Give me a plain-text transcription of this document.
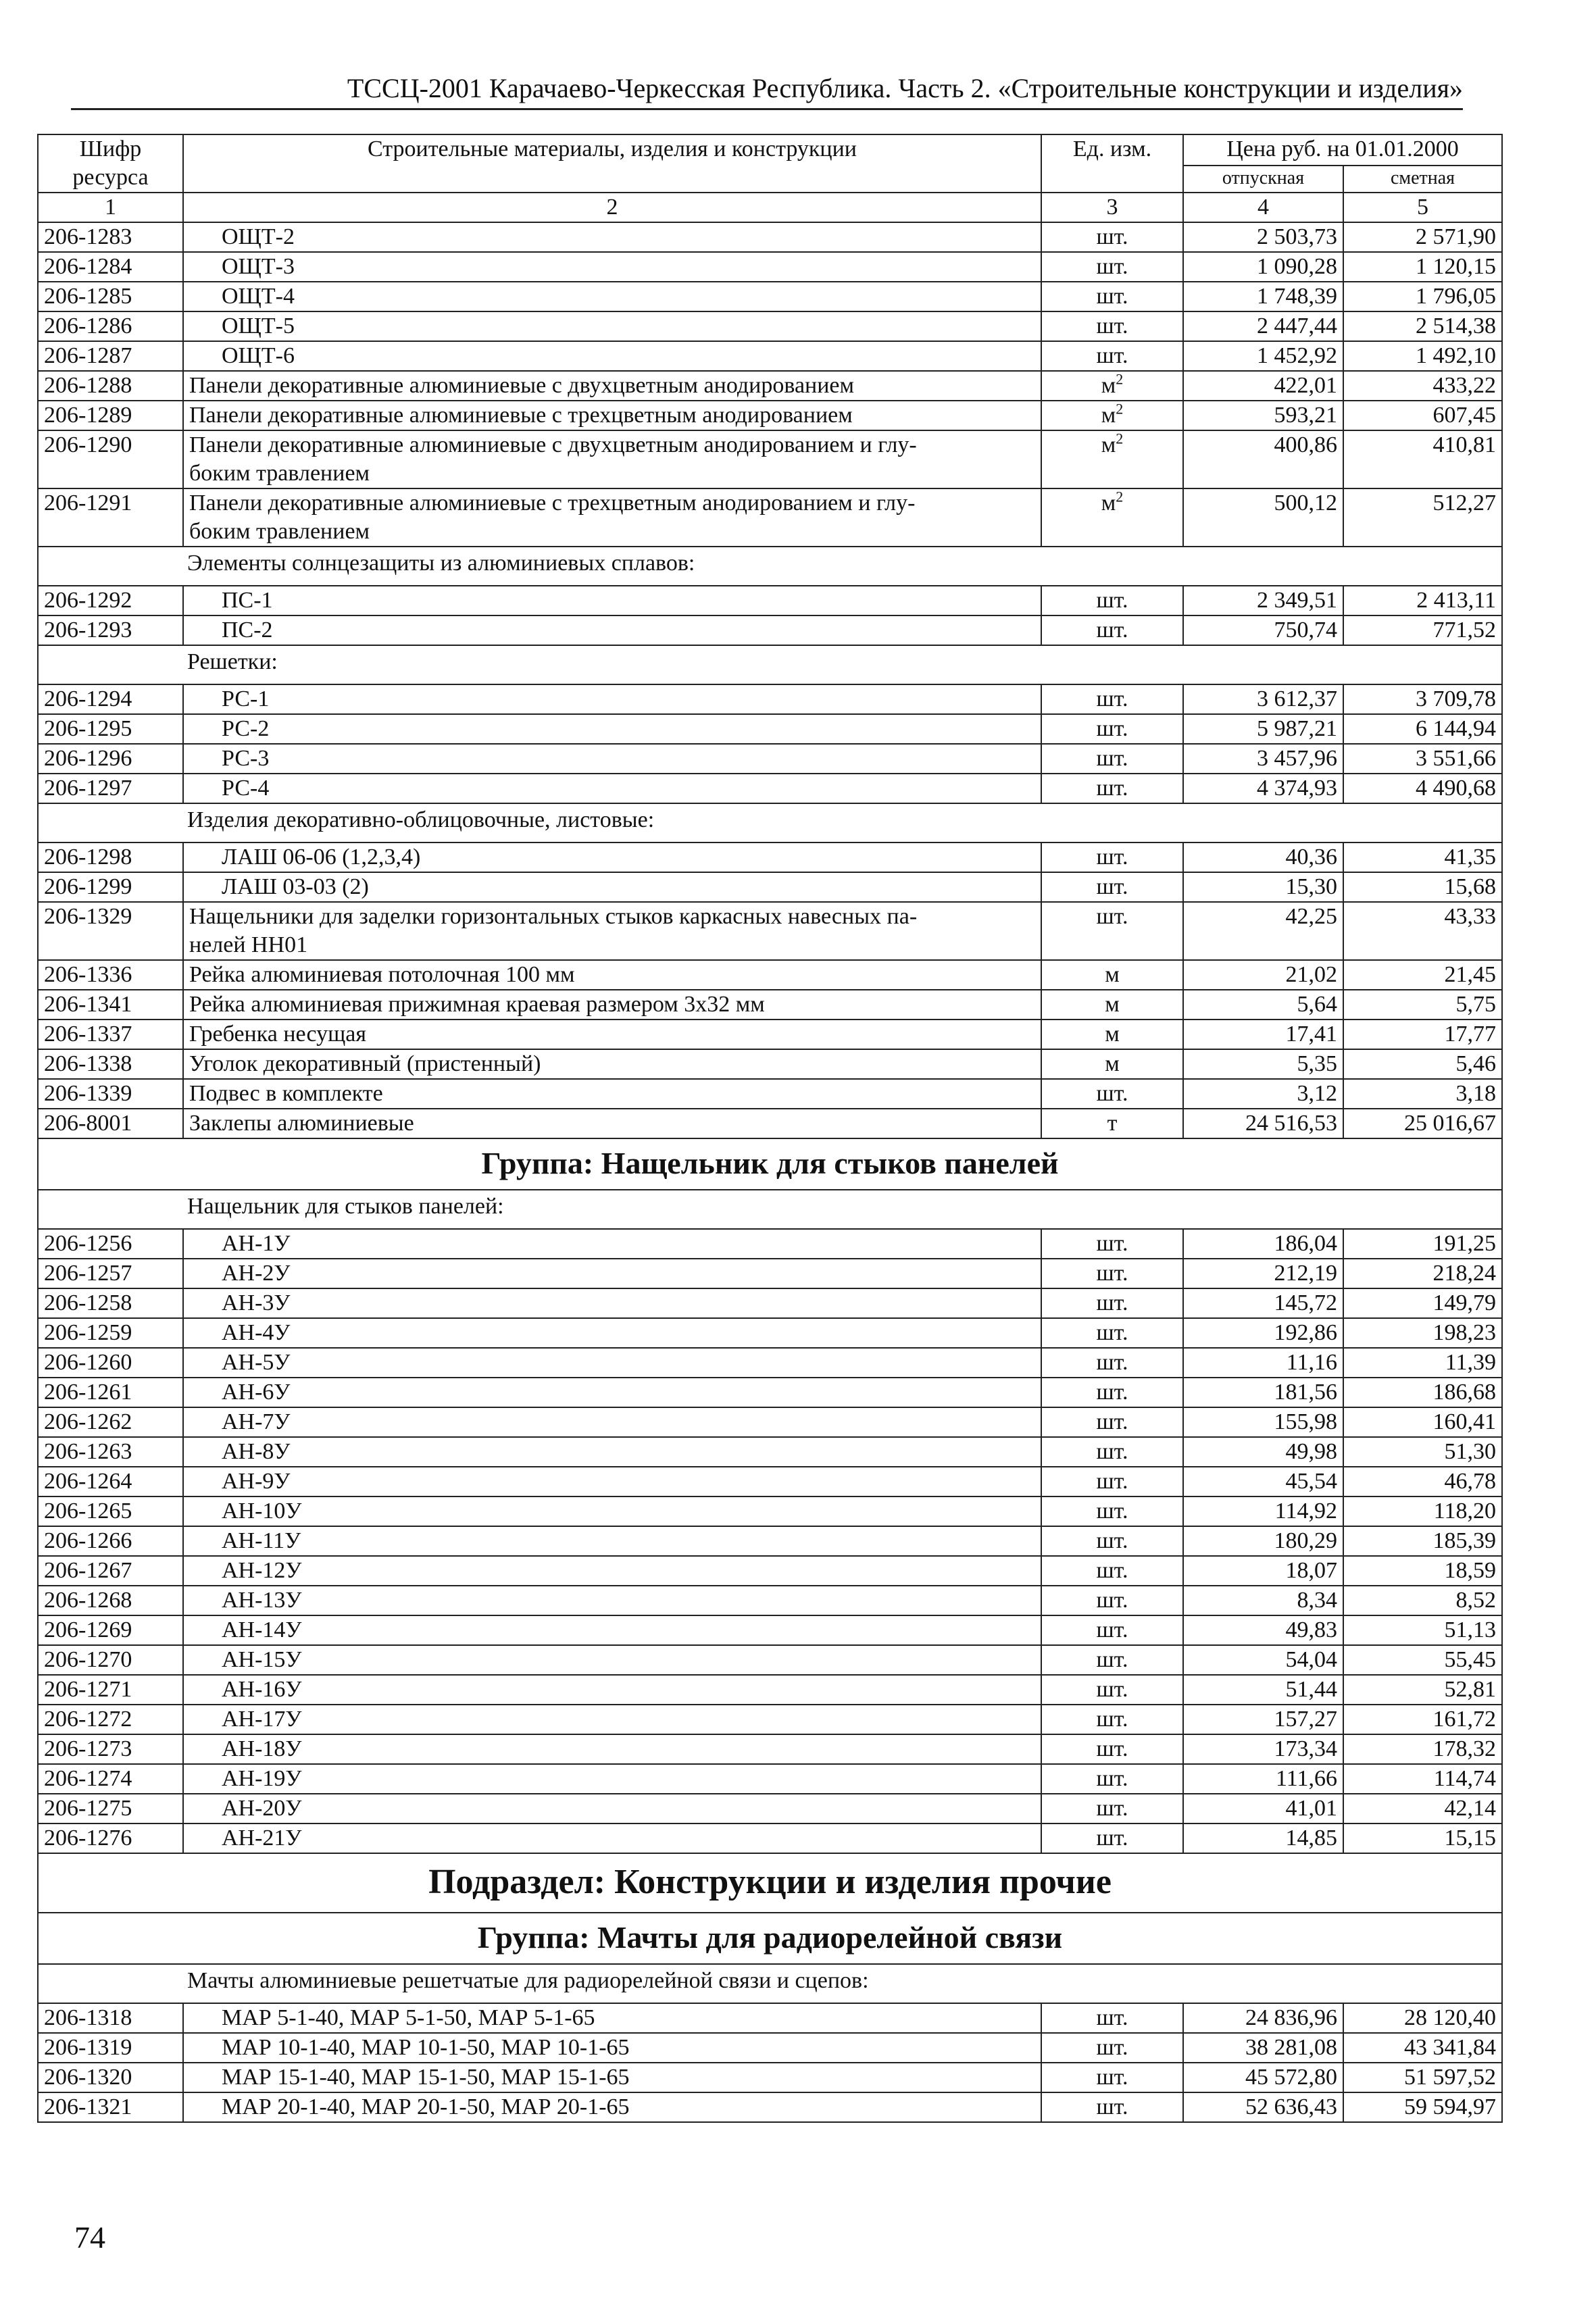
ТССЦ-2001 Карачаево-Черкесская Республика. Часть 2. «Строительные конструкции и изделия»
Шифр ресурса	Строительные материалы, изделия и конструкции	Ед. изм.	Цена руб. на 01.01.2000	
			отпускная	сметная
1	2	3	4	5
206-1283	ОЩТ-2	шт.	2 503,73	2 571,90
206-1284	ОЩТ-3	шт.	1 090,28	1 120,15
206-1285	ОЩТ-4	шт.	1 748,39	1 796,05
206-1286	ОЩТ-5	шт.	2 447,44	2 514,38
206-1287	ОЩТ-6	шт.	1 452,92	1 492,10
206-1288	Панели декоративные алюминиевые с двухцветным анодированием	$м^2$	422,01	433,22
206-1289	Панели декоративные алюминиевые с трехцветным анодированием	$м^2$	593,21	607,45
206-1290	Панели декоративные алюминиевые с двухцветным анодированием и глу-
боким травлением	$м^2$	400,86	410,81
206-1291	Панели декоративные алюминиевые с трехцветным анодированием и глу-
боким травлением	$м^2$	500,12	512,27
Элементы солнцезащиты из алюминиевых сплавов:				
206-1292	ПС-1	шт.	2 349,51	2 413,11
206-1293	ПС-2	шт.	750,74	771,52
Решетки:				
206-1294	РС-1	шт.	3 612,37	3 709,78
206-1295	РС-2	шт.	5 987,21	6 144,94
206-1296	РС-3	шт.	3 457,96	3 551,66
206-1297	РС-4	шт.	4 374,93	4 490,68
Изделия декоративно-облицовочные, листовые:				
206-1298	ЛАШ 06-06 (1,2,3,4)	шт.	40,36	41,35
206-1299	ЛАШ 03-03 (2)	шт.	15,30	15,68
206-1329	Нащельники для заделки горизонтальных стыков каркасных навесных па-
нелей НН01	шт.	42,25	43,33
206-1336	Рейка алюминиевая потолочная 100 мм	м	21,02	21,45
206-1341	Рейка алюминиевая прижимная краевая размером 3х32 мм	м	5,64	5,75
206-1337	Гребенка несущая	м	17,41	17,77
206-1338	Уголок декоративный (пристенный)	м	5,35	5,46
206-1339	Подвес в комплекте	шт.	3,12	3,18
206-8001	Заклепы алюминиевые	т	24 516,53	25 016,67
Группа: Нащельник для стыков панелей				
Нащельник для стыков панелей:				
206-1256	АН-1У	шт.	186,04	191,25
206-1257	АН-2У	шт.	212,19	218,24
206-1258	АН-3У	шт.	145,72	149,79
206-1259	АН-4У	шт.	192,86	198,23
206-1260	АН-5У	шт.	11,16	11,39
206-1261	АН-6У	шт.	181,56	186,68
206-1262	АН-7У	шт.	155,98	160,41
206-1263	АН-8У	шт.	49,98	51,30
206-1264	АН-9У	шт.	45,54	46,78
206-1265	АН-10У	шт.	114,92	118,20
206-1266	АН-11У	шт.	180,29	185,39
206-1267	АН-12У	шт.	18,07	18,59
206-1268	АН-13У	шт.	8,34	8,52
206-1269	АН-14У	шт.	49,83	51,13
206-1270	АН-15У	шт.	54,04	55,45
206-1271	АН-16У	шт.	51,44	52,81
206-1272	АН-17У	шт.	157,27	161,72
206-1273	АН-18У	шт.	173,34	178,32
206-1274	АН-19У	шт.	111,66	114,74
206-1275	АН-20У	шт.	41,01	42,14
206-1276	АН-21У	шт.	14,85	15,15
Подраздел: Конструкции и изделия прочие				
Группа: Мачты для радиорелейной связи				
Мачты алюминиевые решетчатые для радиорелейной связи и сцепов:				
206-1318	МАР 5-1-40, МАР 5-1-50, МАР 5-1-65	шт.	24 836,96	28 120,40
206-1319	МАР 10-1-40, МАР 10-1-50, МАР 10-1-65	шт.	38 281,08	43 341,84
206-1320	МАР 15-1-40, МАР 15-1-50, МАР 15-1-65	шт.	45 572,80	51 597,52
206-1321	МАР 20-1-40, МАР 20-1-50, МАР 20-1-65	шт.	52 636,43	59 594,97
74
